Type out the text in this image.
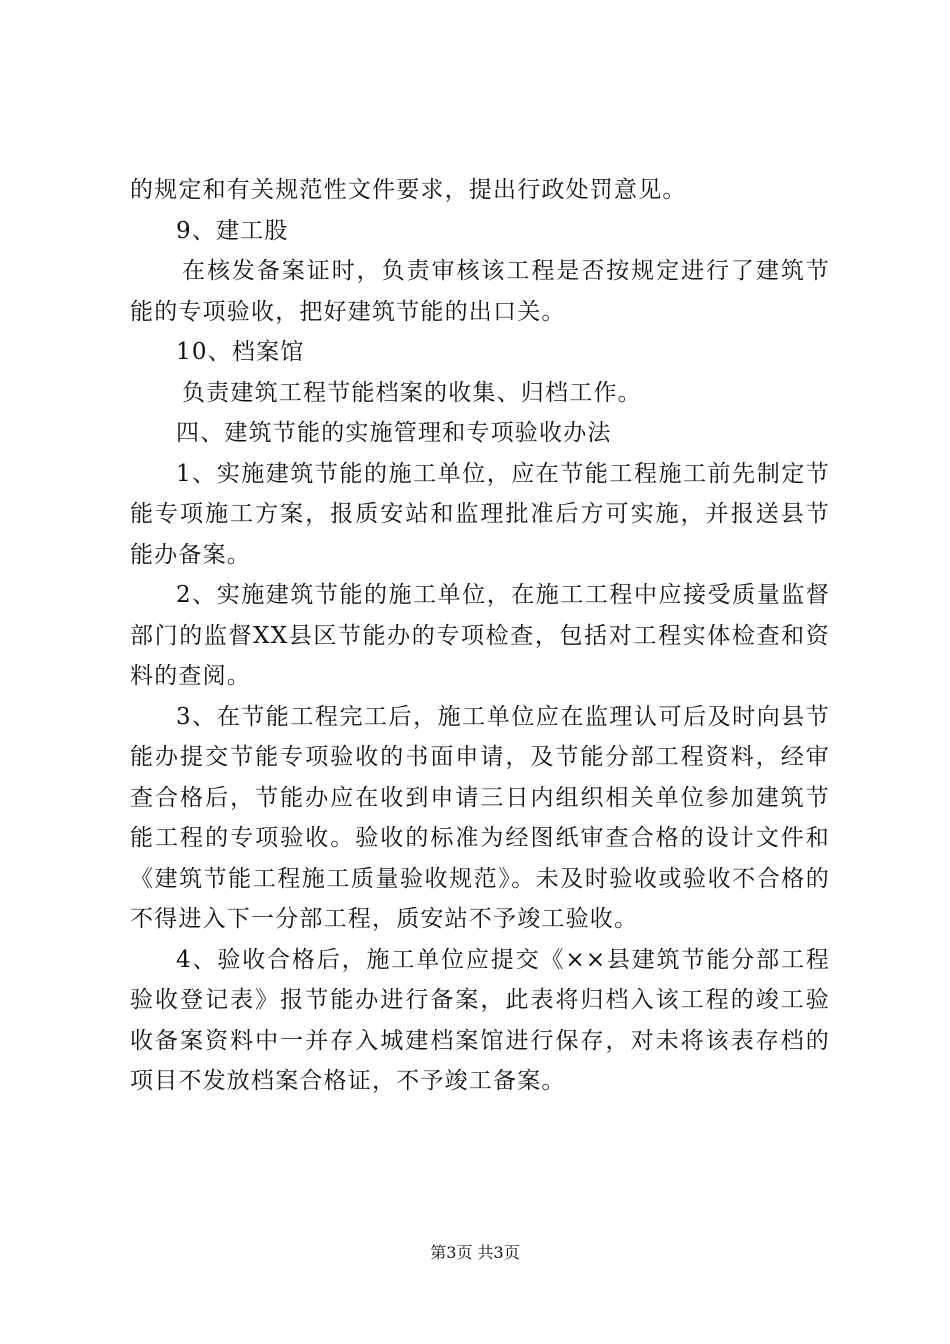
的规定和有关规范性文件要求，提出行政处罚意见。

9、建工股

在核发备案证时，负责审核该工程是否按规定进行了建筑节能的专项验收，把好建筑节能的出口关。

10、档案馆

负责建筑工程节能档案的收集、归档工作。

四、建筑节能的实施管理和专项验收办法

1、实施建筑节能的施工单位，应在节能工程施工前先制定节能专项施工方案，报质安站和监理批准后方可实施，并报送县节能办备案。

2、实施建筑节能的施工单位，在施工工程中应接受质量监督部门的监督XX县区节能办的专项检查，包括对工程实体检查和资料的查阅。

3、在节能工程完工后，施工单位应在监理认可后及时向县节能办提交节能专项验收的书面申请，及节能分部工程资料，经审查合格后，节能办应在收到申请三日内组织相关单位参加建筑节能工程的专项验收。验收的标准为经图纸审查合格的设计文件和《建筑节能工程施工质量验收规范》。未及时验收或验收不合格的不得进入下一分部工程，质安站不予竣工验收。

4、验收合格后，施工单位应提交《××县建筑节能分部工程验收登记表》报节能办进行备案，此表将归档入该工程的竣工验收备案资料中一并存入城建档案馆进行保存，对未将该表存档的项目不发放档案合格证，不予竣工备案。

第3页 共3页
